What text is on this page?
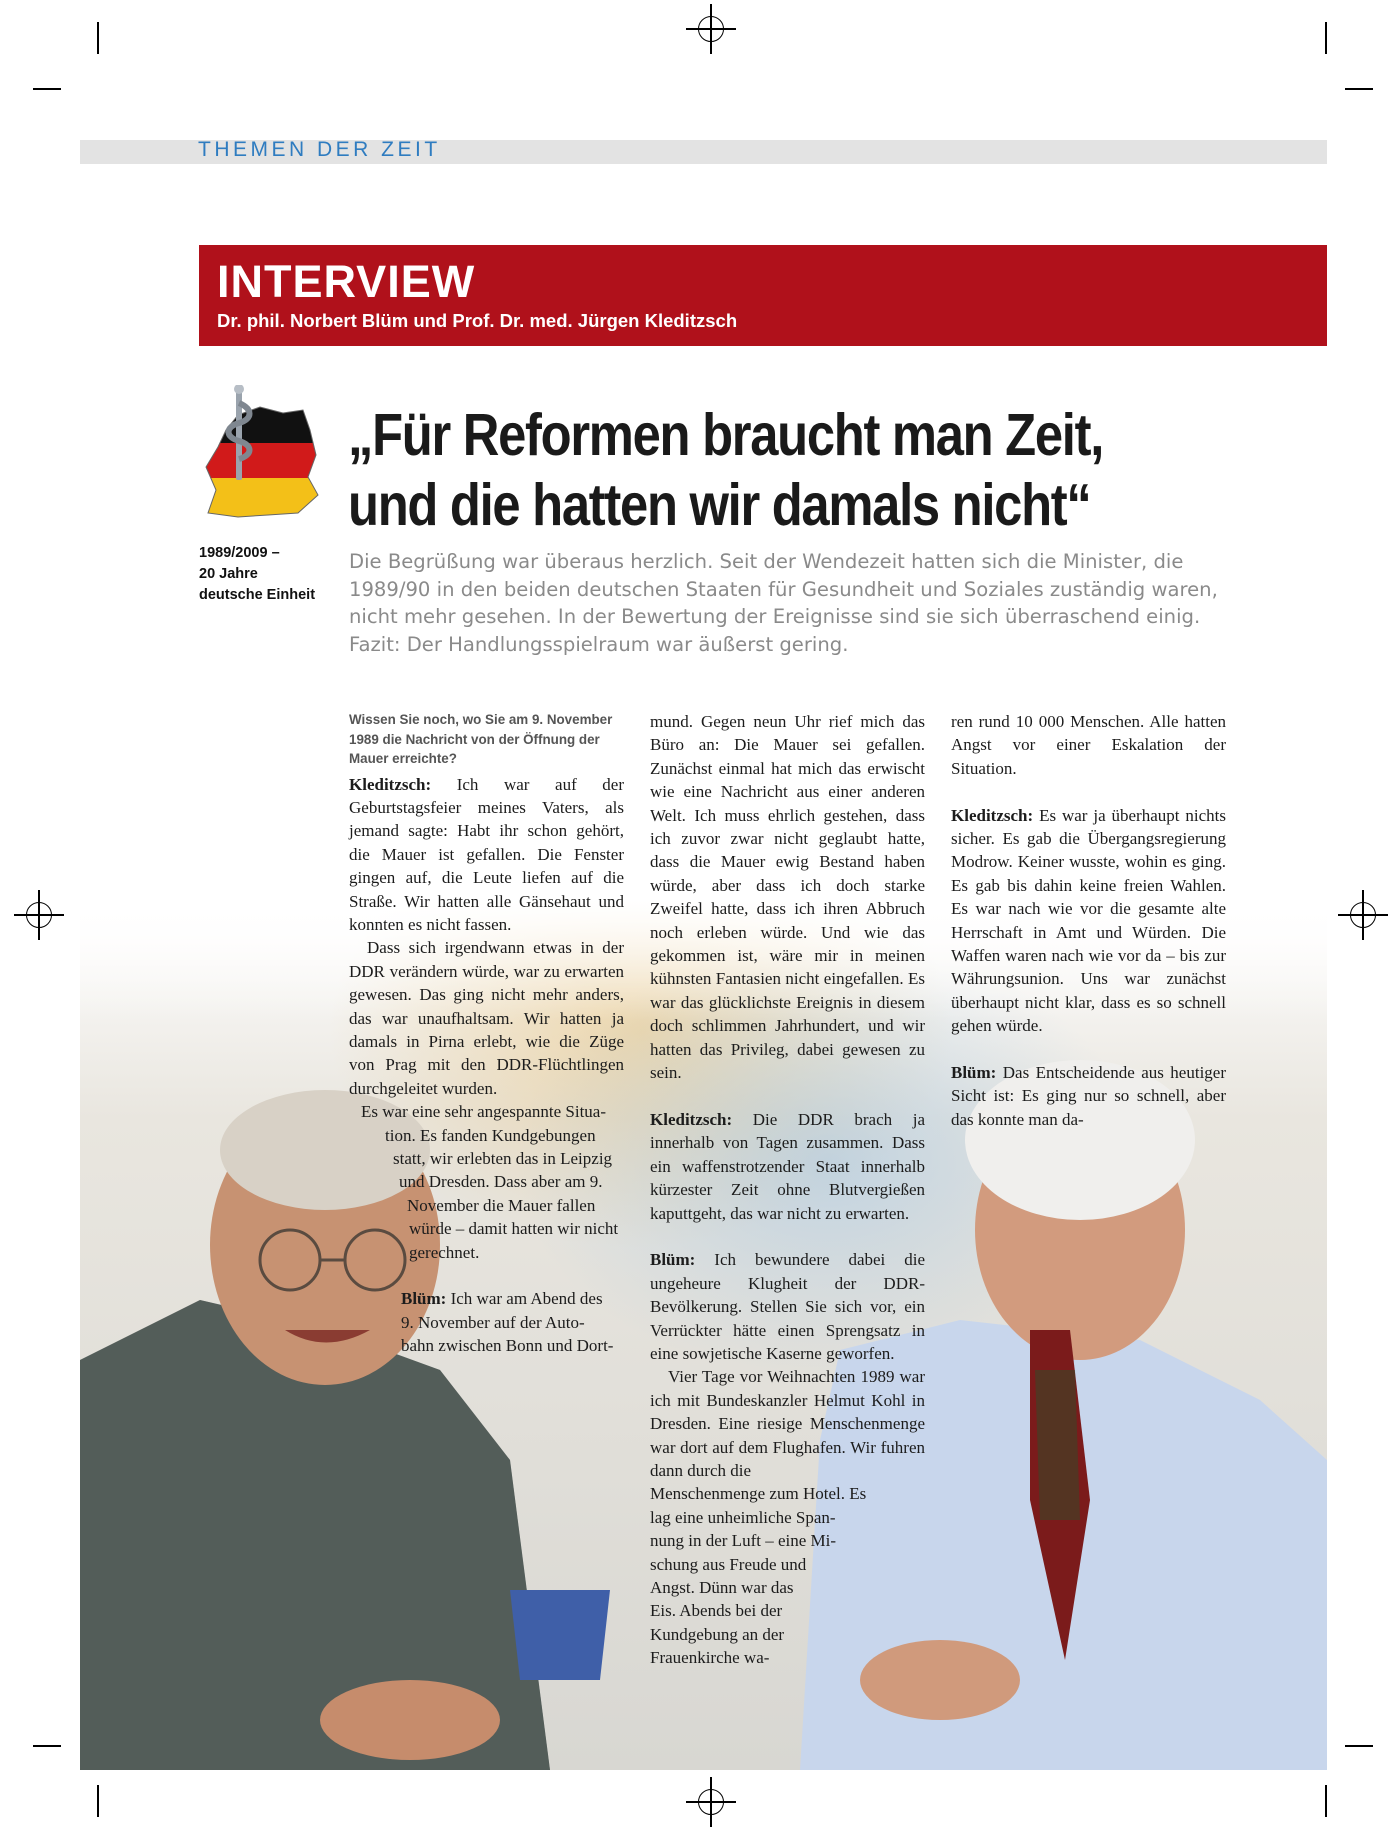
THEMEN DER ZEIT
INTERVIEW
Dr. phil. Norbert Blüm und Prof. Dr. med. Jürgen Kleditzsch
1989/2009 –
20 Jahre
deutsche Einheit
„Für Reformen braucht man Zeit,
und die hatten wir damals nicht“
Die Begrüßung war überaus herzlich. Seit der Wendezeit hatten sich die Minister, die 1989/90 in den beiden deutschen Staaten für Gesundheit und Soziales zuständig waren, nicht mehr gesehen. In der Bewertung der Ereignisse sind sie sich überraschend einig. Fazit: Der Handlungsspielraum war äußerst gering.

Wissen Sie noch, wo Sie am 9. November 1989 die Nachricht von der Öffnung der Mauer erreichte?

Kleditzsch: Ich war auf der Geburtstagsfeier meines Vaters, als jemand sagte: Habt ihr schon gehört, die Mauer ist gefallen. Die Fenster gingen auf, die Leute liefen auf die Straße. Wir hatten alle Gänsehaut und konnten es nicht fassen.

Dass sich irgendwann etwas in der DDR verändern würde, war zu erwarten gewesen. Das ging nicht mehr anders, das war unaufhaltsam. Wir hatten ja damals in Pirna erlebt, wie die Züge von Prag mit den DDR-Flüchtlingen durchgeleitet wurden.

Es war eine sehr angespannte Situa-
tion. Es fanden Kundgebungen
statt, wir erlebten das in Leipzig
und Dresden. Dass aber am 9.
November die Mauer fallen
würde – damit hatten wir nicht
gerechnet.
Blüm: Ich war am Abend des
9. November auf der Auto-
bahn zwischen Bonn und Dort-

mund. Gegen neun Uhr rief mich das Büro an: Die Mauer sei gefallen. Zunächst einmal hat mich das erwischt wie eine Nachricht aus einer anderen Welt. Ich muss ehrlich gestehen, dass ich zuvor zwar nicht geglaubt hatte, dass die Mauer ewig Bestand haben würde, aber dass ich doch starke Zweifel hatte, dass ich ihren Abbruch noch erleben würde. Und wie das gekommen ist, wäre mir in meinen kühnsten Fantasien nicht eingefallen. Es war das glücklichste Ereignis in diesem doch schlimmen Jahrhundert, und wir hatten das Privileg, dabei gewesen zu sein.

Kleditzsch: Die DDR brach ja innerhalb von Tagen zusammen. Dass ein waffenstrotzender Staat innerhalb kürzester Zeit ohne Blutvergießen kaputtgeht, das war nicht zu erwarten.

Blüm: Ich bewundere dabei die ungeheure Klugheit der DDR-Bevölkerung. Stellen Sie sich vor, ein Verrückter hätte einen Sprengsatz in eine sowjetische Kaserne geworfen.

Vier Tage vor Weihnachten 1989 war ich mit Bundeskanzler Helmut Kohl in Dresden. Eine riesige Menschenmenge war dort auf dem Flughafen. Wir fuhren dann durch die

Menschenmenge zum Hotel. Es
lag eine unheimliche Span-
nung in der Luft – eine Mi-
schung aus Freude und
Angst. Dünn war das
Eis. Abends bei der
Kundgebung an der
Frauenkirche wa-

ren rund 10 000 Menschen. Alle hatten Angst vor einer Eskalation der Situation.

Kleditzsch: Es war ja überhaupt nichts sicher. Es gab die Übergangsregierung Modrow. Keiner wusste, wohin es ging. Es gab bis dahin keine freien Wahlen. Es war nach wie vor die gesamte alte Herrschaft in Amt und Würden. Die Waffen waren nach wie vor da – bis zur Währungsunion. Uns war zunächst überhaupt nicht klar, dass es so schnell gehen würde.

Blüm: Das Entscheidende aus heutiger Sicht ist: Es ging nur so schnell, aber das konnte man da-
